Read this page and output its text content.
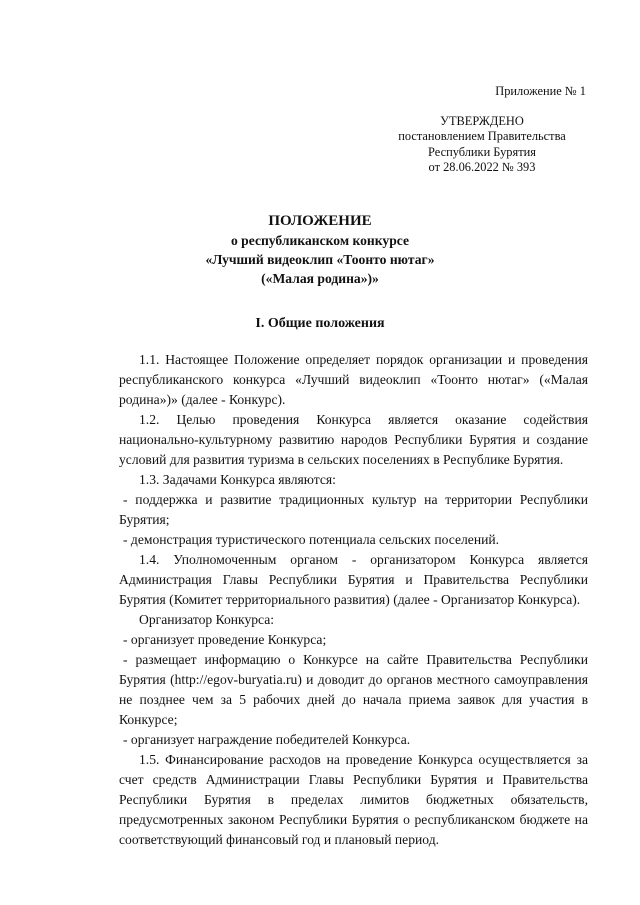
Приложение № 1
УТВЕРЖДЕНО
постановлением Правительства
Республики Бурятия
от 28.06.2022 № 393
ПОЛОЖЕНИЕ
о республиканском конкурсе
«Лучший видеоклип «Тоонто нютаг»
(«Малая родина»)»
I. Общие положения

1.1. Настоящее Положение определяет порядок организации и проведения республиканского конкурса «Лучший видеоклип «Тоонто нютаг» («Малая родина»)» (далее - Конкурс).

1.2. Целью проведения Конкурса является оказание содействия национально-культурному развитию народов Республики Бурятия и создание условий для развития туризма в сельских поселениях в Республике Бурятия.

1.3. Задачами Конкурса являются:

- поддержка и развитие традиционных культур на территории Республики Бурятия;

- демонстрация туристического потенциала сельских поселений.

1.4. Уполномоченным органом - организатором Конкурса является Администрация Главы Республики Бурятия и Правительства Республики Бурятия (Комитет территориального развития) (далее - Организатор Конкурса).

Организатор Конкурса:

- организует проведение Конкурса;

- размещает информацию о Конкурсе на сайте Правительства Республики Бурятия (http://egov-buryatia.ru) и доводит до органов местного самоуправления не позднее чем за 5 рабочих дней до начала приема заявок для участия в Конкурсе;

- организует награждение победителей Конкурса.

1.5. Финансирование расходов на проведение Конкурса осуществляется за счет средств Администрации Главы Республики Бурятия и Правительства Республики Бурятия в пределах лимитов бюджетных обязательств, предусмотренных законом Республики Бурятия о республиканском бюджете на соответствующий финансовый год и плановый период.
